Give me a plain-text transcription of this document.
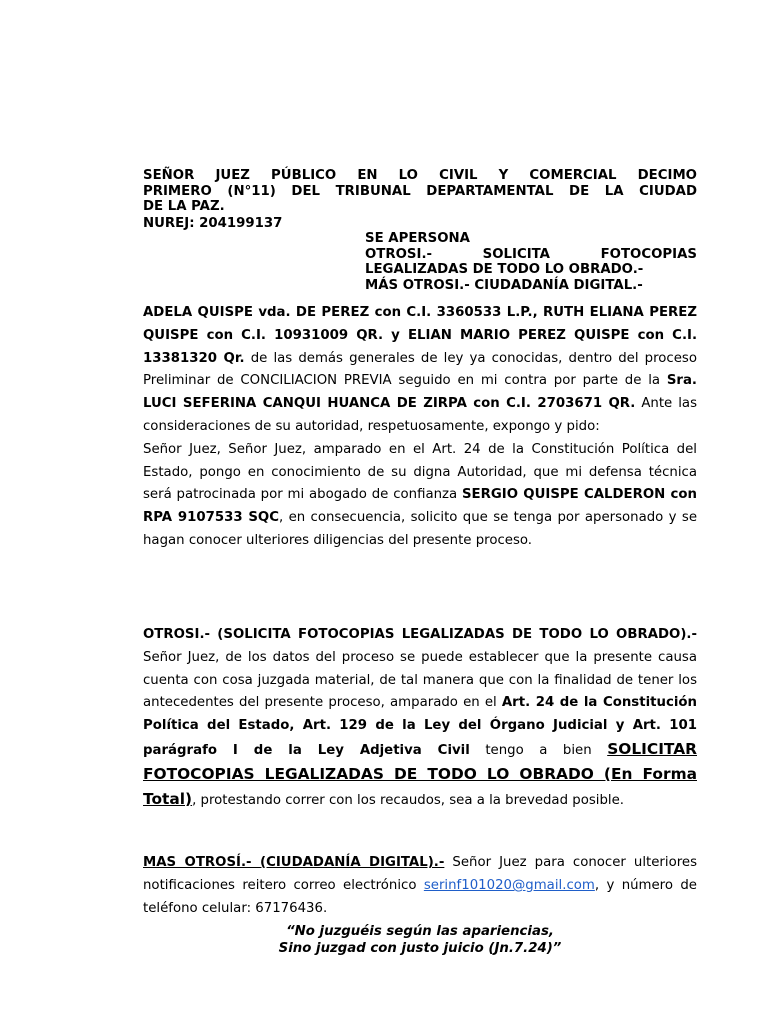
SEÑOR JUEZ PÚBLICO EN LO CIVIL Y COMERCIAL DECIMO
PRIMERO (N°11) DEL TRIBUNAL DEPARTAMENTAL DE LA CIUDAD
DE LA PAZ.
NUREJ: 204199137
SE APERSONA
OTROSI.- SOLICITA FOTOCOPIAS
LEGALIZADAS DE TODO LO OBRADO.-
MÁS OTROSI.- CIUDADANÍA DIGITAL.-

ADELA QUISPE vda. DE PEREZ con C.I. 3360533 L.P., RUTH ELIANA PEREZ QUISPE con C.I. 10931009 QR. y ELIAN MARIO PEREZ QUISPE con C.I. 13381320 Qr. de las demás generales de ley ya conocidas, dentro del proceso Preliminar de CONCILIACION PREVIA seguido en mi contra por parte de la Sra. LUCI SEFERINA CANQUI HUANCA DE ZIRPA con C.I. 2703671 QR. Ante las consideraciones de su autoridad, respetuosamente, expongo y pido:

Señor Juez, Señor Juez, amparado en el Art. 24 de la Constitución Política del Estado, pongo en conocimiento de su digna Autoridad, que mi defensa técnica será patrocinada por mi abogado de confianza SERGIO QUISPE CALDERON con RPA 9107533 SQC, en consecuencia, solicito que se tenga por apersonado y se hagan conocer ulteriores diligencias del presente proceso.

OTROSI.- (SOLICITA FOTOCOPIAS LEGALIZADAS DE TODO LO OBRADO).- Señor Juez, de los datos del proceso se puede establecer que la presente causa cuenta con cosa juzgada material, de tal manera que con la finalidad de tener los antecedentes del presente proceso, amparado en el Art. 24 de la Constitución Política del Estado, Art. 129 de la Ley del Órgano Judicial y Art. 101 parágrafo I de la Ley Adjetiva Civil tengo a bien SOLICITAR FOTOCOPIAS LEGALIZADAS DE TODO LO OBRADO (En Forma Total), protestando correr con los recaudos, sea a la brevedad posible.

MAS OTROSÍ.- (CIUDADANÍA DIGITAL).- Señor Juez para conocer ulteriores notificaciones reitero correo electrónico serinf101020@gmail.com, y número de teléfono celular: 67176436.

“No juzguéis según las apariencias,
Sino juzgad con justo juicio (Jn.7.24)”
